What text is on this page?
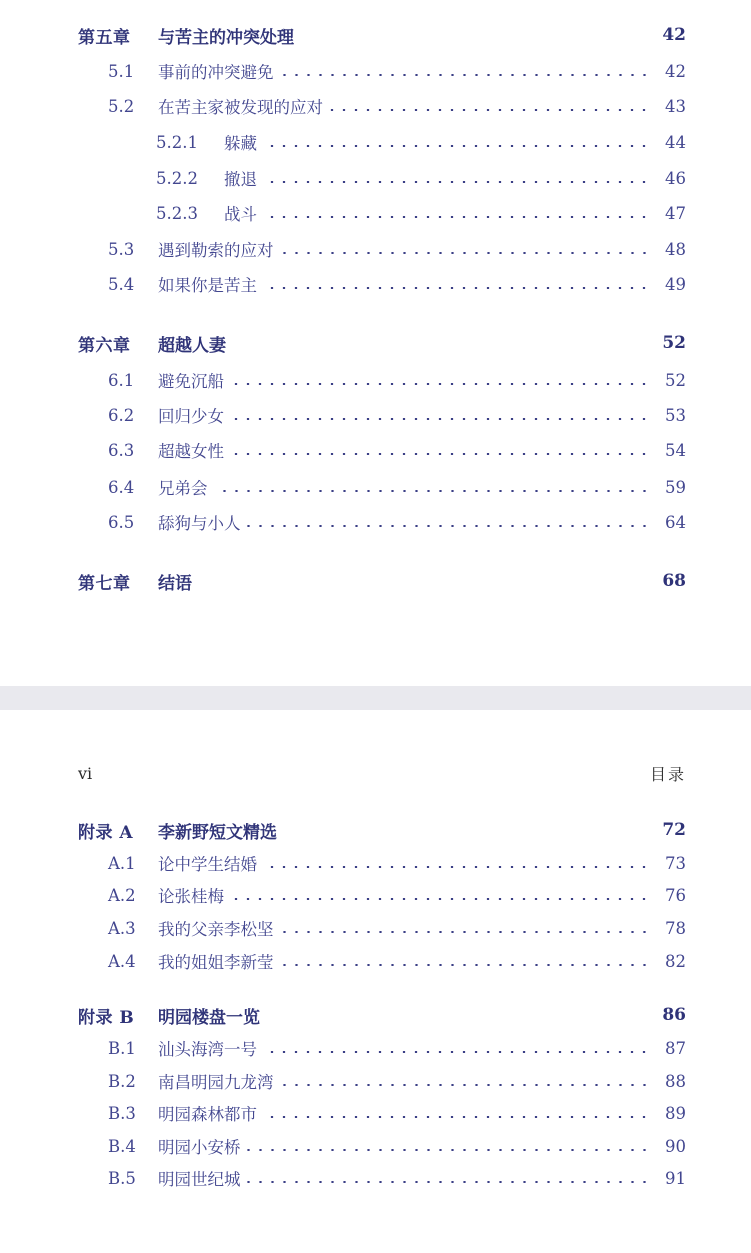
第五章	与苦主的冲突处理	42
5.1	事前的冲突避免	42
5.2	在苦主家被发现的应对	43
5.2.1	躲藏	44
5.2.2	撤退	46
5.2.3	战斗	47
5.3	遇到勒索的应对	48
5.4	如果你是苦主	49
第六章	超越人妻	52
6.1	避免沉船	52
6.2	回归少女	53
6.3	超越女性	54
6.4	兄弟会	59
6.5	舔狗与小人	64
第七章	结语	68
vi	目录
附录 A	李新野短文精选	72
A.1	论中学生结婚	73
A.2	论张桂梅	76
A.3	我的父亲李松坚	78
A.4	我的姐姐李新莹	82
附录 B	明园楼盘一览	86
B.1	汕头海湾一号	87
B.2	南昌明园九龙湾	88
B.3	明园森林都市	89
B.4	明园小安桥	90
B.5	明园世纪城	91
